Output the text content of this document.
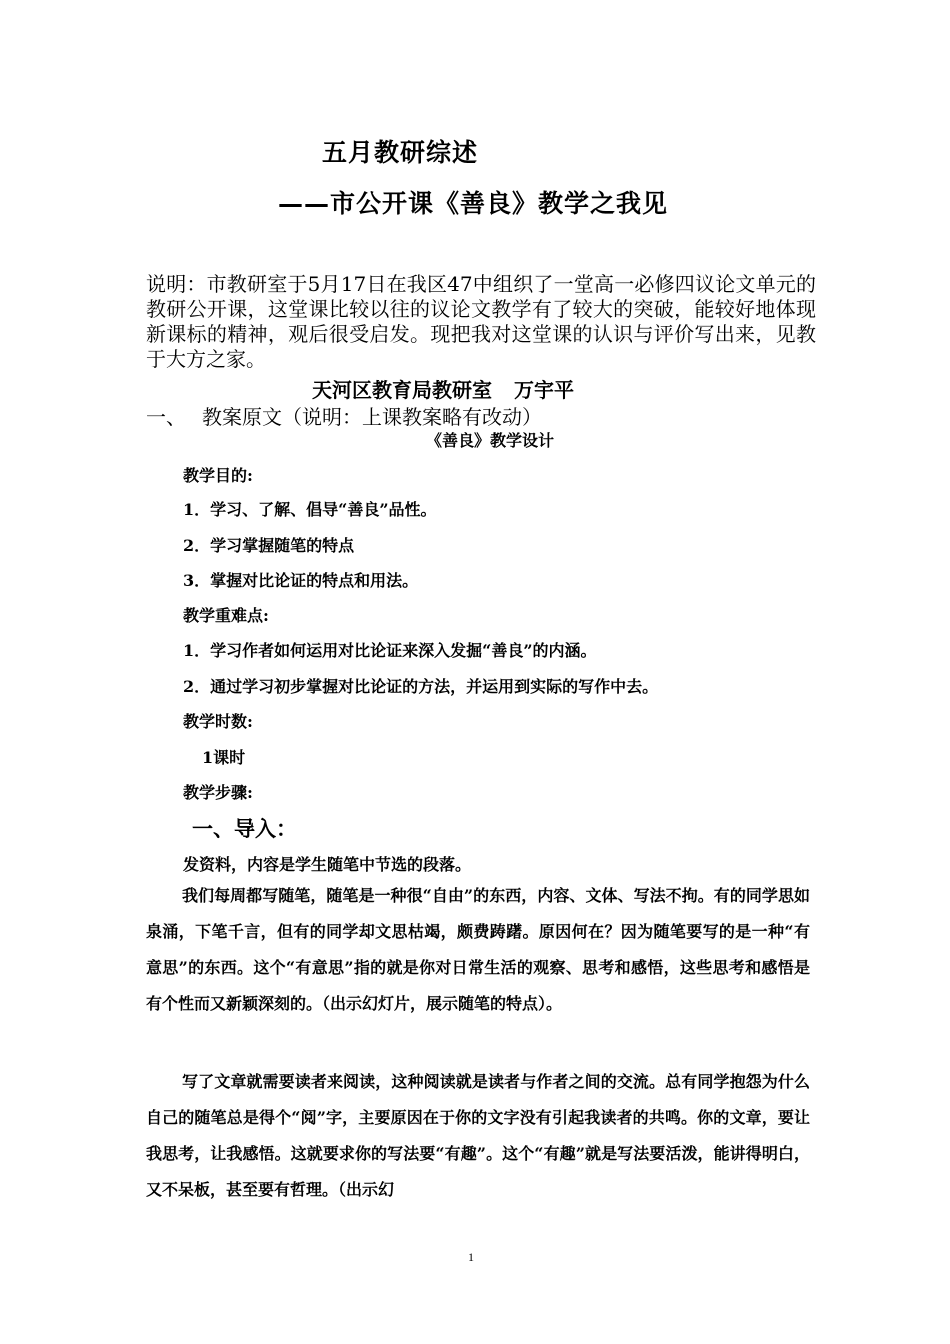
五月教研综述
——市公开课《善良》教学之我见

说明：市教研室于5月17日在我区47中组织了一堂高一必修四议论文单元的教研公开课，这堂课比较以往的议论文教学有了较大的突破，能较好地体现新课标的精神，观后很受启发。现把我对这堂课的认识与评价写出来，见教于大方之家。

天河区教育局教研室 万宇平
一、 教案原文（说明：上课教案略有改动）
《善良》教学设计
教学目的:
1．学习、了解、倡导“善良”品性。
2．学习掌握随笔的特点
3．掌握对比论证的特点和用法。
教学重难点:
1．学习作者如何运用对比论证来深入发掘“善良”的内涵。
2．通过学习初步掌握对比论证的方法，并运用到实际的写作中去。
教学时数:
1课时
教学步骤:
一、导入：
发资料，内容是学生随笔中节选的段落。

我们每周都写随笔，随笔是一种很“自由”的东西，内容、文体、写法不拘。有的同学思如泉涌，下笔千言，但有的同学却文思枯竭，颇费踌躇。原因何在？因为随笔要写的是一种“有意思”的东西。这个“有意思”指的就是你对日常生活的观察、思考和感悟，这些思考和感悟是有个性而又新颖深刻的。（出示幻灯片，展示随笔的特点）。

写了文章就需要读者来阅读，这种阅读就是读者与作者之间的交流。总有同学抱怨为什么自己的随笔总是得个“阅”字，主要原因在于你的文字没有引起我读者的共鸣。你的文章，要让我思考，让我感悟。这就要求你的写法要“有趣”。这个“有趣”就是写法要活泼，能讲得明白，又不呆板，甚至要有哲理。（出示幻

1
